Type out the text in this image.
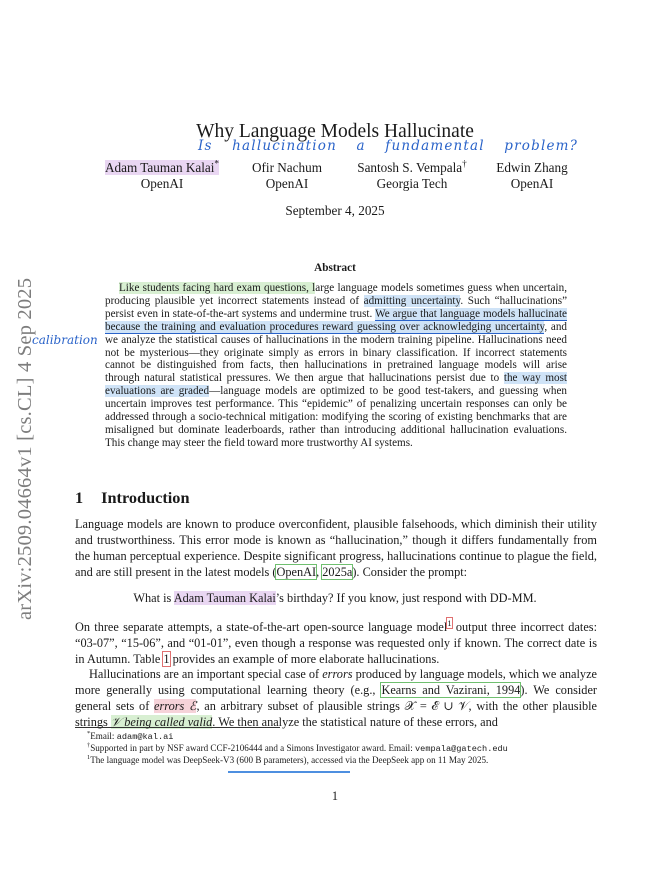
arXiv:2509.04664v1 [cs.CL] 4 Sep 2025
Why Language Models Hallucinate
Is hallucination a fundamental problem?
Adam Tauman Kalai*
OpenAI
Ofir Nachum
OpenAI
Santosh S. Vempala†
Georgia Tech
Edwin Zhang
OpenAI
September 4, 2025
Abstract
calibration
Like students facing hard exam questions, large language models sometimes guess when uncertain, producing plausible yet incorrect statements instead of admitting uncertainty. Such “hallucinations” persist even in state-of-the-art systems and undermine trust. We argue that language models hallucinate because the training and evaluation procedures reward guessing over acknowledging uncertainty, and we analyze the statistical causes of hallucinations in the modern training pipeline. Hallucinations need not be mysterious—they originate simply as errors in binary classification. If incorrect statements cannot be distinguished from facts, then hallucinations in pretrained language models will arise through natural statistical pressures. We then argue that hallucinations persist due to the way most evaluations are graded—language models are optimized to be good test-takers, and guessing when uncertain improves test performance. This “epidemic” of penalizing uncertain responses can only be addressed through a socio-technical mitigation: modifying the scoring of existing benchmarks that are misaligned but dominate leaderboards, rather than introducing additional hallucination evaluations. This change may steer the field toward more trustworthy AI systems.
1 Introduction
Language models are known to produce overconfident, plausible falsehoods, which diminish their utility and trustworthiness. This error mode is known as “hallucination,” though it differs fundamentally from the human perceptual experience. Despite significant progress, hallucinations continue to plague the field, and are still present in the latest models (OpenAI, 2025a). Consider the prompt:
What is Adam Tauman Kalai’s birthday? If you know, just respond with DD-MM.
On three separate attempts, a state-of-the-art open-source language model$^1$ output three incorrect dates: “03-07”, “15-06”, and “01-01”, even though a response was requested only if known. The correct date is in Autumn. Table 1 provides an example of more elaborate hallucinations.
Hallucinations are an important special case of errors produced by language models, which we analyze more generally using computational learning theory (e.g., Kearns and Vazirani, 1994). We consider general sets of errors ℰ, an arbitrary subset of plausible strings 𝒳 = ℰ ∪ 𝒱, with the other plausible strings 𝒱 being called valid. We then analyze the statistical nature of these errors, and
*Email: adam@kal.ai
†Supported in part by NSF award CCF-2106444 and a Simons Investigator award. Email: vempala@gatech.edu
$^1$The language model was DeepSeek-V3 (600 B parameters), accessed via the DeepSeek app on 11 May 2025.
1
